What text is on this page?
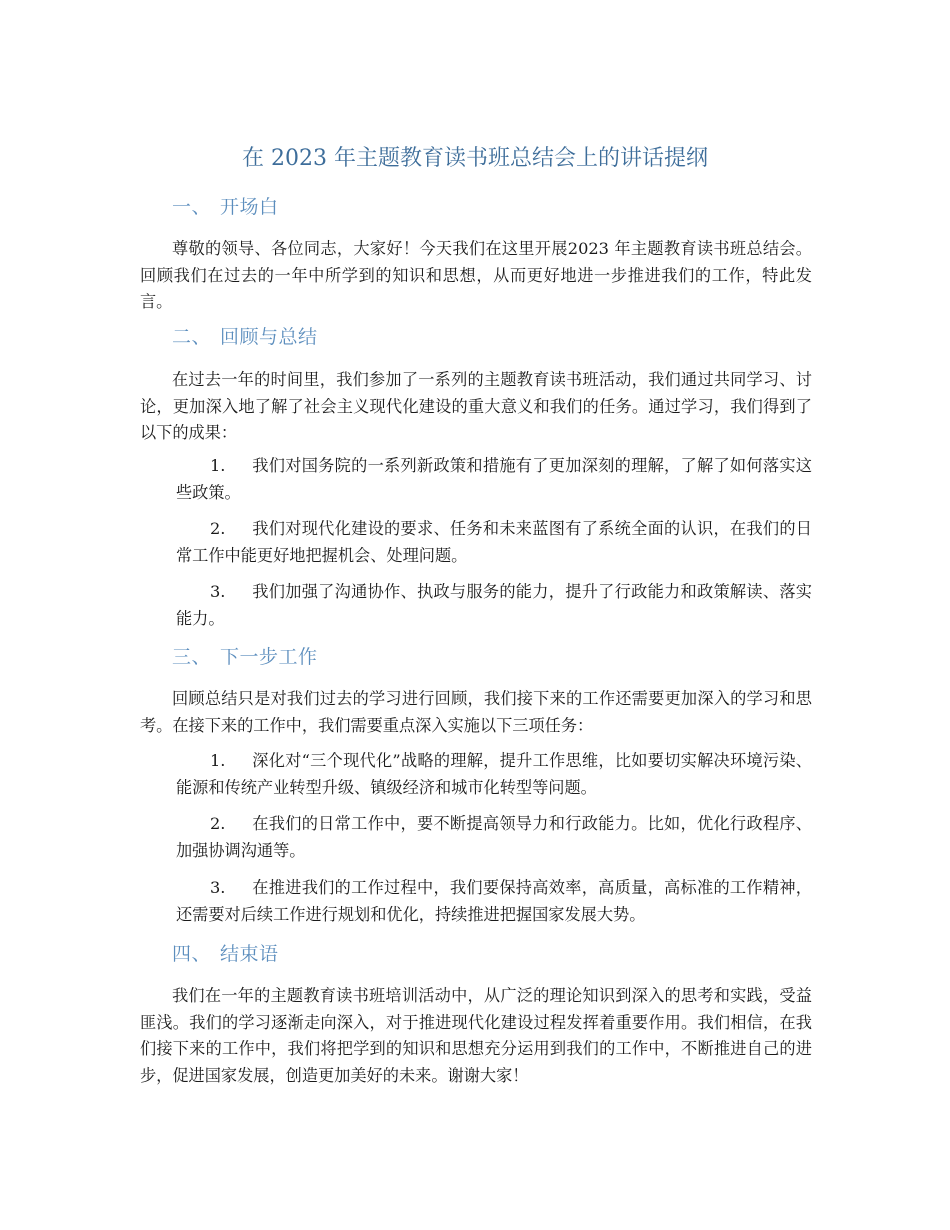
在 2023 年主题教育读书班总结会上的讲话提纲
一、 开场白
尊敬的领导、各位同志，大家好！今天我们在这里开展2023 年主题教育读书班总结会。回顾我们在过去的一年中所学到的知识和思想，从而更好地进一步推进我们的工作，特此发言。
二、 回顾与总结
在过去一年的时间里，我们参加了一系列的主题教育读书班活动，我们通过共同学习、讨论，更加深入地了解了社会主义现代化建设的重大意义和我们的任务。通过学习，我们得到了以下的成果：
1. 我们对国务院的一系列新政策和措施有了更加深刻的理解，了解了如何落实这些政策。
2. 我们对现代化建设的要求、任务和未来蓝图有了系统全面的认识，在我们的日常工作中能更好地把握机会、处理问题。
3. 我们加强了沟通协作、执政与服务的能力，提升了行政能力和政策解读、落实能力。
三、 下一步工作
回顾总结只是对我们过去的学习进行回顾，我们接下来的工作还需要更加深入的学习和思考。在接下来的工作中，我们需要重点深入实施以下三项任务：
1. 深化对“三个现代化”战略的理解，提升工作思维，比如要切实解决环境污染、能源和传统产业转型升级、镇级经济和城市化转型等问题。
2. 在我们的日常工作中，要不断提高领导力和行政能力。比如，优化行政程序、加强协调沟通等。
3. 在推进我们的工作过程中，我们要保持高效率，高质量，高标准的工作精神，还需要对后续工作进行规划和优化，持续推进把握国家发展大势。
四、 结束语
我们在一年的主题教育读书班培训活动中，从广泛的理论知识到深入的思考和实践，受益匪浅。我们的学习逐渐走向深入，对于推进现代化建设过程发挥着重要作用。我们相信，在我们接下来的工作中，我们将把学到的知识和思想充分运用到我们的工作中，不断推进自己的进步，促进国家发展，创造更加美好的未来。谢谢大家！
